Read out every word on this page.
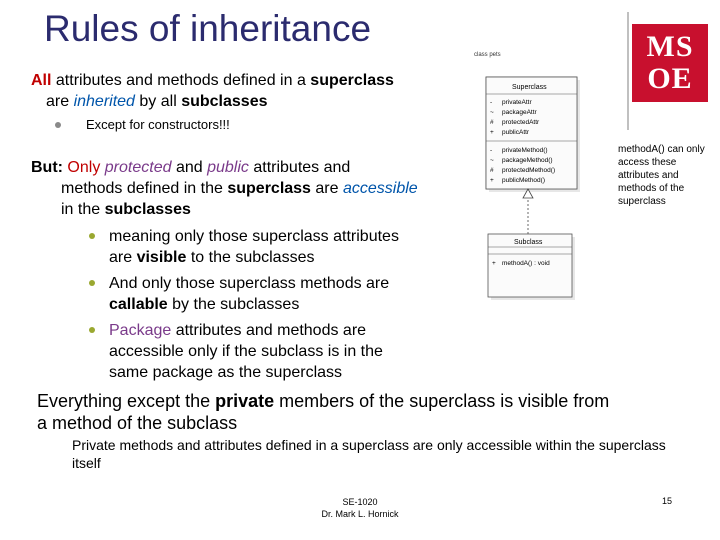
Rules of inheritance	MS
OE
All attributes and methods defined in a superclass
are inherited by all subclasses
Except for constructors!!!
But: Only protected and public attributes and
methods defined in the superclass are accessible
in the subclasses
meaning only those superclass attributes
are visible to the subclasses
And only those superclass methods are
callable by the subclasses
Package attributes and methods are
accessible only if the subclass is in the
same package as the superclass
class pets
Superclass
- privateAttr
~ packageAttr
# protectedAttr
+ publicAttr
- privateMethod()
~ packageMethod()
# protectedMethod()
+ publicMethod()
Subclass
+ methodA() : void
methodA() can only access these attributes and methods of the superclass
Everything except the private members of the superclass is visible from
a method of the subclass
Private methods and attributes defined in a superclass are only accessible within the superclass itself
SE-1020
Dr. Mark L. Hornick
15
